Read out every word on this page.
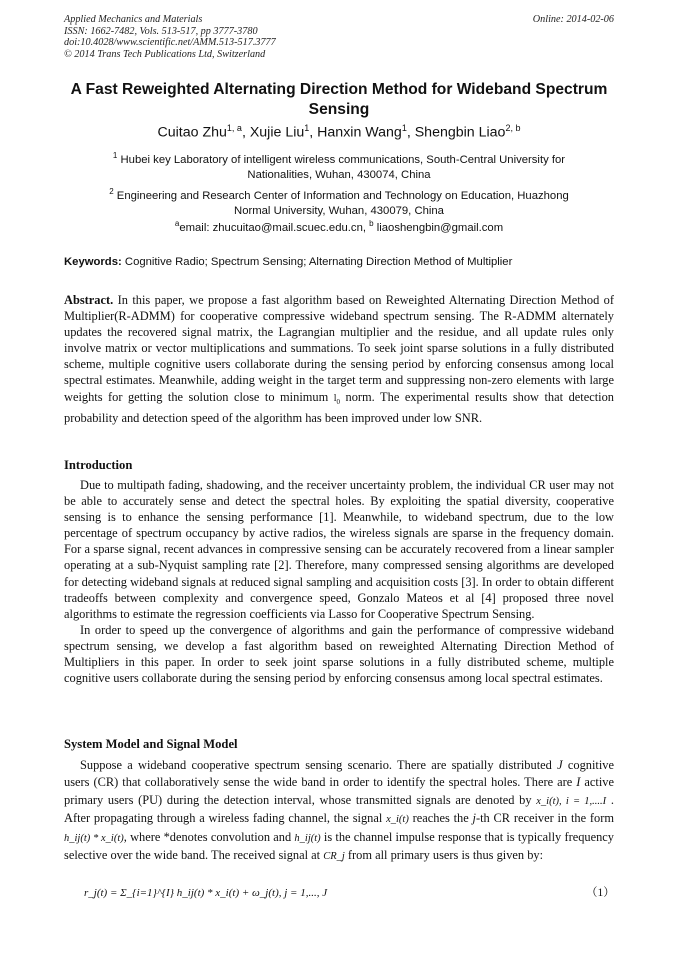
Applied Mechanics and Materials
ISSN: 1662-7482, Vols. 513-517, pp 3777-3780
doi:10.4028/www.scientific.net/AMM.513-517.3777
© 2014 Trans Tech Publications Ltd, Switzerland
Online: 2014-02-06
A Fast Reweighted Alternating Direction Method for Wideband Spectrum
Sensing
Cuitao Zhu$^{1, a}$, Xujie Liu$^1$, Hanxin Wang$^1$, Shengbin Liao$^{2, b}$
$^1$ Hubei key Laboratory of intelligent wireless communications, South-Central University for
Nationalities, Wuhan, 430074, China
$^2$ Engineering and Research Center of Information and Technology on Education, Huazhong
Normal University, Wuhan, 430079, China
$^a$email: zhucuitao@mail.scuec.edu.cn, $^b$ liaoshengbin@gmail.com
Keywords: Cognitive Radio; Spectrum Sensing; Alternating Direction Method of Multiplier

Abstract. In this paper, we propose a fast algorithm based on Reweighted Alternating Direction Method of Multiplier(R-ADMM) for cooperative compressive wideband spectrum sensing. The R-ADMM alternately updates the recovered signal matrix, the Lagrangian multiplier and the residue, and all update rules only involve matrix or vector multiplications and summations. To seek joint sparse solutions in a fully distributed scheme, multiple cognitive users collaborate during the sensing period by enforcing consensus among local spectral estimates. Meanwhile, adding weight in the target term and suppressing non-zero elements with large weights for getting the solution close to minimum $l_0$ norm. The experimental results show that detection probability and detection speed of the algorithm has been improved under low SNR.

Introduction

Due to multipath fading, shadowing, and the receiver uncertainty problem, the individual CR user may not be able to accurately sense and detect the spectral holes. By exploiting the spatial diversity, cooperative sensing is to enhance the sensing performance [1]. Meanwhile, to wideband spectrum, due to the low percentage of spectrum occupancy by active radios, the wireless signals are sparse in the frequency domain. For a sparse signal, recent advances in compressive sensing can be accurately recovered from a linear sampler operating at a sub-Nyquist sampling rate [2]. Therefore, many compressed sensing algorithms are developed for detecting wideband signals at reduced signal sampling and acquisition costs [3]. In order to obtain different tradeoffs between complexity and convergence speed, Gonzalo Mateos et al [4] proposed three novel algorithms to estimate the regression coefficients via Lasso for Cooperative Spectrum Sensing.

In order to speed up the convergence of algorithms and gain the performance of compressive wideband spectrum sensing, we develop a fast algorithm based on reweighted Alternating Direction Method of Multipliers in this paper. In order to seek joint sparse solutions in a fully distributed scheme, multiple cognitive users collaborate during the sensing period by enforcing consensus among local spectral estimates.

System Model and Signal Model

Suppose a wideband cooperative spectrum sensing scenario. There are spatially distributed J cognitive users (CR) that collaboratively sense the wide band in order to identify the spectral holes. There are I active primary users (PU) during the detection interval, whose transmitted signals are denoted by x_i(t), i = 1,....I . After propagating through a wireless fading channel, the signal x_i(t) reaches the j-th CR receiver in the form h_ij(t) * x_i(t), where *denotes convolution and h_ij(t) is the channel impulse response that is typically frequency selective over the wide band. The received signal at CR_j from all primary users is thus given by:

r_j(t) = Σ_{i=1}^{I} h_ij(t) * x_i(t) + ω_j(t), j = 1,..., J	（1）
